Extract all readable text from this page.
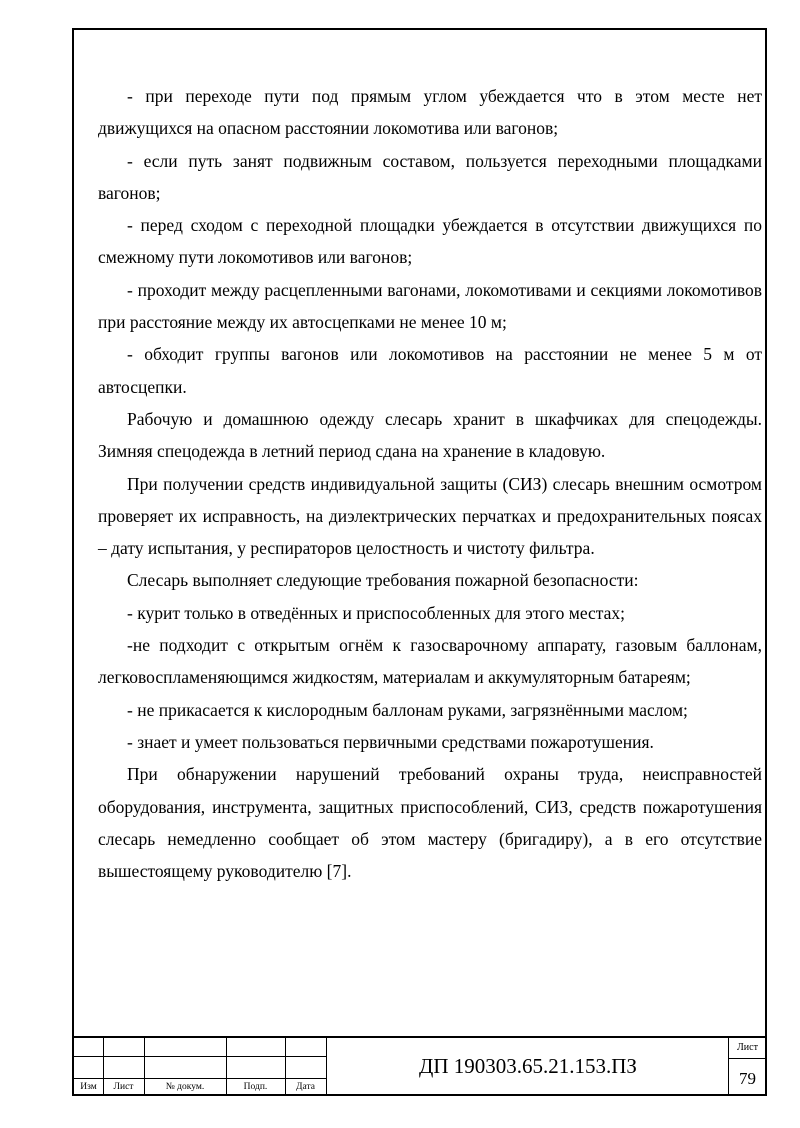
- при переходе пути под прямым углом убеждается что в этом месте нет движущихся на опасном расстоянии локомотива или вагонов;

- если путь занят подвижным составом, пользуется переходными площадками вагонов;

- перед сходом с переходной площадки убеждается в отсутствии движущихся по смежному пути локомотивов или вагонов;

- проходит между расцепленными вагонами, локомотивами и секциями локомотивов при расстояние между их автосцепками не менее 10 м;

- обходит группы вагонов или локомотивов на расстоянии не менее 5 м от автосцепки.

Рабочую и домашнюю одежду слесарь хранит в шкафчиках для спецодежды. Зимняя спецодежда в летний период сдана на хранение в кладовую.

При получении средств индивидуальной защиты (СИЗ) слесарь внешним осмотром проверяет их исправность, на диэлектрических перчатках и предохранительных поясах – дату испытания, у респираторов целостность и чистоту фильтра.

Слесарь выполняет следующие требования пожарной безопасности:

- курит только в отведённых и приспособленных для этого местах;

-не подходит с открытым огнём к газосварочному аппарату, газовым баллонам, легковоспламеняющимся жидкостям, материалам и аккумуляторным батареям;

- не прикасается к кислородным баллонам руками, загрязнёнными маслом;

- знает и умеет пользоваться первичными средствами пожаротушения.

При обнаружении нарушений требований охраны труда, неисправностей оборудования, инструмента, защитных приспособлений, СИЗ, средств пожаротушения слесарь немедленно сообщает об этом мастеру (бригадиру), а в его отсутствие вышестоящему руководителю [7].

Изм	Лист	№ докум.	Подп.	Дата
ДП 190303.65.21.153.ПЗ
Лист
79
